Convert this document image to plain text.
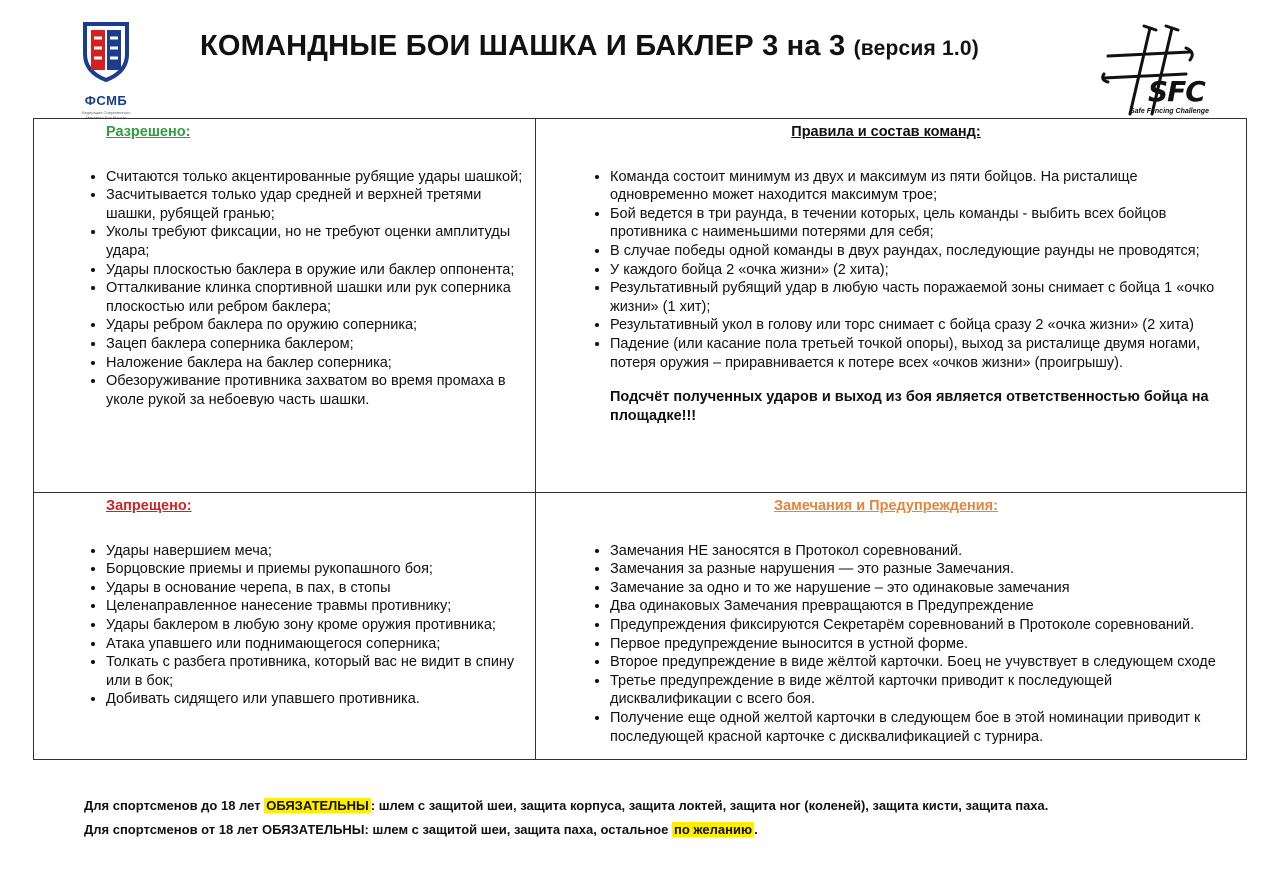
ФСМБ
Федерация Современного Мечевого Боя России
КОМАНДНЫЕ БОИ ШАШКА И БАКЛЕР 3 на 3 (версия 1.0)
SFC
Safe Fencing Challenge
Разрешено:
• Считаются только акцентированные рубящие удары шашкой;
• Засчитывается только удар средней и верхней третями шашки, рубящей гранью;
• Уколы требуют фиксации, но не требуют оценки амплитуды удара;
• Удары плоскостью баклера в оружие или баклер оппонента;
• Отталкивание клинка спортивной шашки или рук соперника плоскостью или ребром баклера;
• Удары ребром баклера по оружию соперника;
• Зацеп баклера соперника баклером;
• Наложение баклера на баклер соперника;
• Обезоруживание противника захватом во время промаха в уколе рукой за небоевую часть шашки.
Правила и состав команд:
• Команда состоит минимум из двух и максимум из пяти бойцов. На ристалище одновременно может находится максимум трое;
• Бой ведется в три раунда, в течении которых, цель команды - выбить всех бойцов противника с наименьшими потерями для себя;
• В случае победы одной команды в двух раундах, последующие раунды не проводятся;
• У каждого бойца 2 «очка жизни» (2 хита);
• Результативный рубящий удар в любую часть поражаемой зоны снимает с бойца 1 «очко жизни» (1 хит);
• Результативный укол в голову или торс снимает с бойца сразу 2 «очка жизни» (2 хита)
• Падение (или касание пола третьей точкой опоры), выход за ристалище двумя ногами, потеря оружия – приравнивается к потере всех «очков жизни» (проигрышу).
Подсчёт полученных ударов и выход из боя является ответственностью бойца на площадке!!!
Запрещено:
• Удары навершием меча;
• Борцовские приемы и приемы рукопашного боя;
• Удары в основание черепа, в пах, в стопы
• Целенаправленное нанесение травмы противнику;
• Удары баклером в любую зону кроме оружия противника;
• Атака упавшего или поднимающегося соперника;
• Толкать с разбега противника, который вас не видит в спину или в бок;
• Добивать сидящего или упавшего противника.
Замечания и Предупреждения:
• Замечания НЕ заносятся в Протокол соревнований.
• Замечания за разные нарушения — это разные Замечания.
• Замечание за одно и то же нарушение – это одинаковые замечания
• Два одинаковых Замечания превращаются в Предупреждение
• Предупреждения фиксируются Секретарём соревнований в Протоколе соревнований.
• Первое предупреждение выносится в устной форме.
• Второе предупреждение в виде жёлтой карточки. Боец не учувствует в следующем сходе
• Третье предупреждение в виде жёлтой карточки приводит к последующей дисквалификации с всего боя.
• Получение еще одной желтой карточки в следующем бое в этой номинации приводит к последующей красной карточке с дисквалификацией с турнира.
Для спортсменов до 18 лет ОБЯЗАТЕЛЬНЫ : шлем с защитой шеи, защита корпуса, защита локтей, защита ног (коленей), защита кисти, защита паха.
Для спортсменов от 18 лет ОБЯЗАТЕЛЬНЫ: шлем с защитой шеи, защита паха, остальное по желанию .
